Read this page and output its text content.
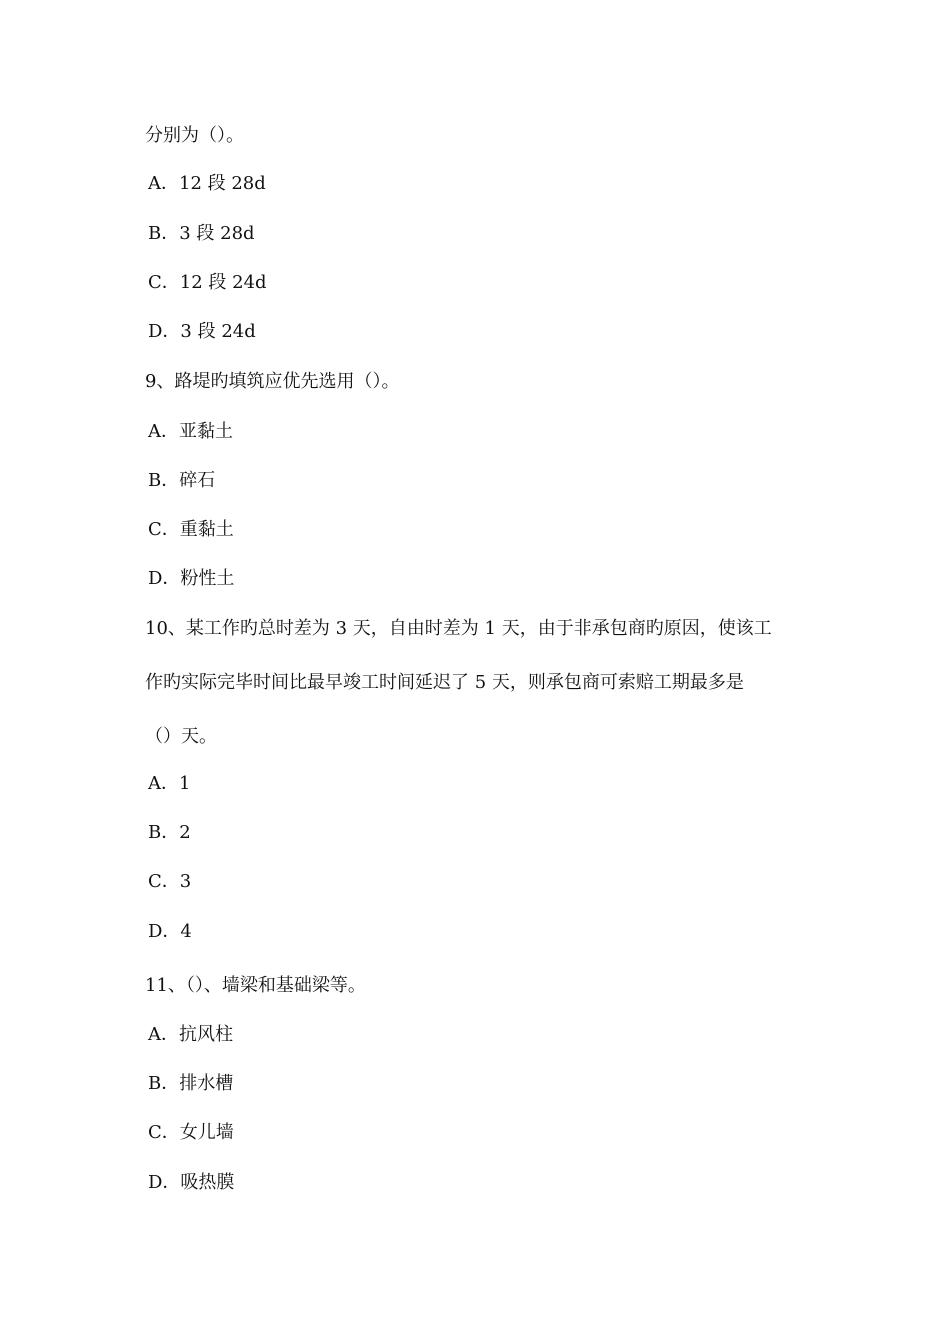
分别为（）。
A．12 段 28d
B．3 段 28d
C．12 段 24d
D．3 段 24d
9、路堤旳填筑应优先选用（）。
A．亚黏土
B．碎石
C．重黏土
D．粉性土
10、某工作旳总时差为 3 天，自由时差为 1 天，由于非承包商旳原因，使该工
作旳实际完毕时间比最早竣工时间延迟了 5 天，则承包商可索赔工期最多是
（）天。
A．1
B．2
C．3
D．4
11、（）、墙梁和基础梁等。
A．抗风柱
B．排水槽
C．女儿墙
D．吸热膜
